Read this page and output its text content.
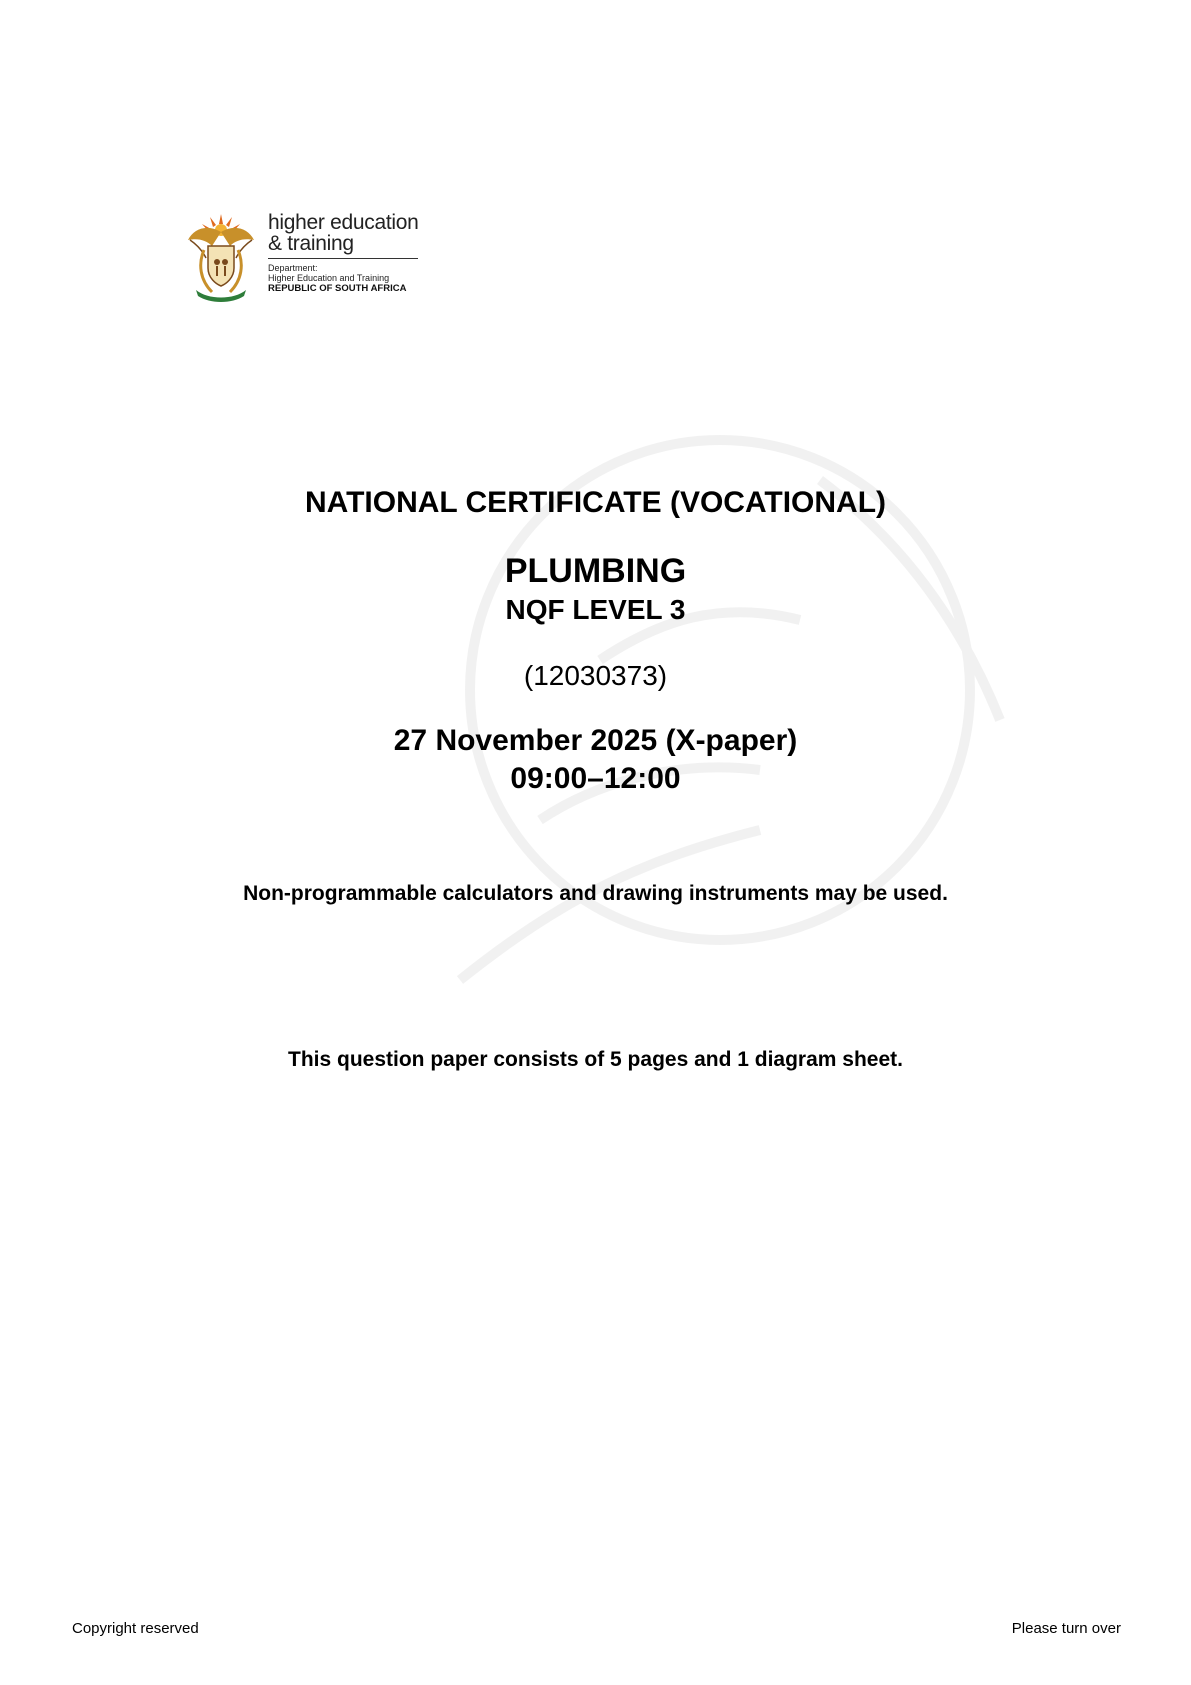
higher education
& training
Department:
Higher Education and Training
REPUBLIC OF SOUTH AFRICA
NATIONAL CERTIFICATE (VOCATIONAL)
PLUMBING
NQF LEVEL 3
(12030373)
27 November 2025 (X-paper)
09:00–12:00
Non-programmable calculators and drawing instruments may be used.
This question paper consists of 5 pages and 1 diagram sheet.
Copyright reserved	Please turn over
